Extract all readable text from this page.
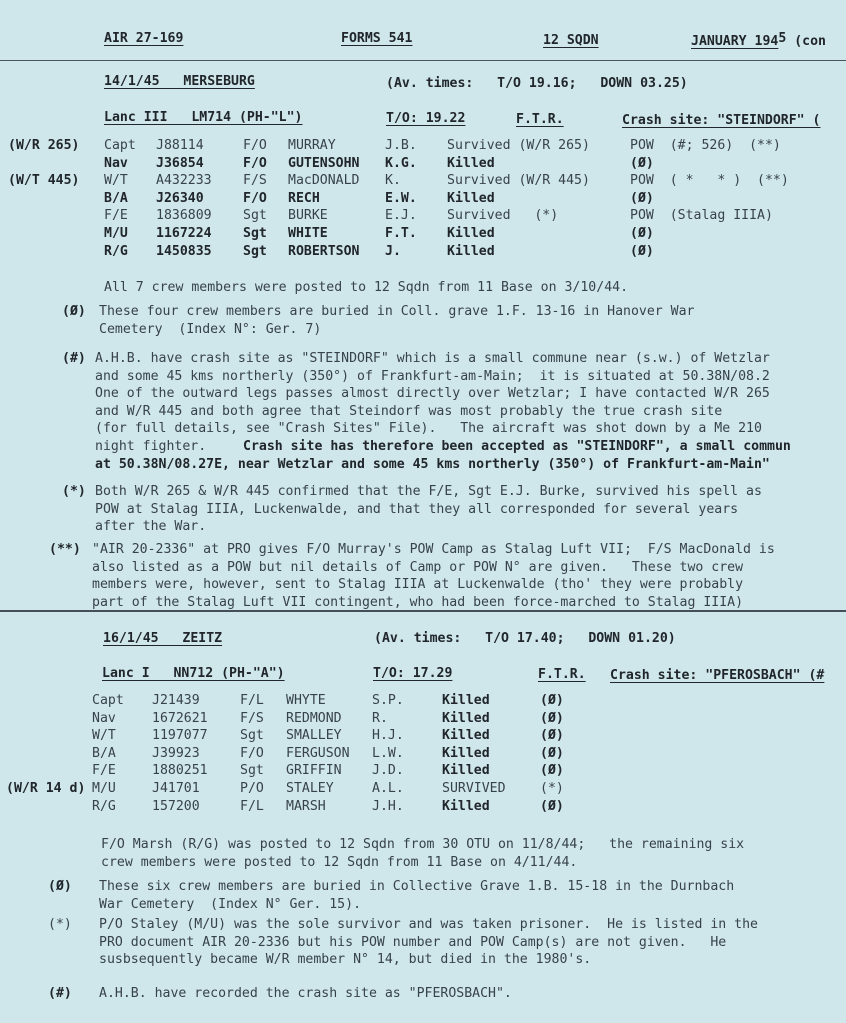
AIR 27-169	FORMS 541	12 SQDN	JANUARY 1945 (con
14/1/45   MERSEBURG	(Av. times:   T/O 19.16;   DOWN 03.25)
Lanc III   LM714 (PH-"L")	T/O: 19.22	F.T.R.	Crash site: "STEINDORF" (
(W/R 265) Capt J88114	F/O MURRAY	J.B. Survived (W/R 265)	POW  (#; 526)  (**)
Nav J36854	F/O GUTENSOHN K.G. Killed	(Ø)
(W/T 445) W/T A432233 F/S MacDONALD K.	Survived (W/R 445)	POW  ( *   * )  (**)
B/A J26340	F/O RECH	E.W. Killed	(Ø)
F/E 1836809 Sgt BURKE	E.J. Survived   (*)	POW  (Stalag IIIA)
M/U 1167224 Sgt WHITE	F.T. Killed	(Ø)
R/G 1450835 Sgt ROBERTSON J.	Killed	(Ø)
All 7 crew members were posted to 12 Sqdn from 11 Base on 3/10/44.
(Ø) These four crew members are buried in Coll. grave 1.F. 13-16 in Hanover War
Cemetery  (Index N°: Ger. 7)
(#) A.H.B. have crash site as "STEINDORF" which is a small commune near (s.w.) of Wetzlar
and some 45 kms northerly (350°) of Frankfurt-am-Main;  it is situated at 50.38N/08.2
One of the outward legs passes almost directly over Wetzlar; I have contacted W/R 265
and W/R 445 and both agree that Steindorf was most probably the true crash site
(for full details, see "Crash Sites" File).   The aircraft was shot down by a Me 210
night fighter.	Crash site has therefore been accepted as "STEINDORF", a small commun
at 50.38N/08.27E, near Wetzlar and some 45 kms northerly (350°) of Frankfurt-am-Main"
(*) Both W/R 265 & W/R 445 confirmed that the F/E, Sgt E.J. Burke, survived his spell as
POW at Stalag IIIA, Luckenwalde, and that they all corresponded for several years
after the War.
(**) "AIR 20-2336" at PRO gives F/O Murray's POW Camp as Stalag Luft VII;  F/S MacDonald is
also listed as a POW but nil details of Camp or POW N° are given.   These two crew
members were, however, sent to Stalag IIIA at Luckenwalde (tho' they were probably
part of the Stalag Luft VII contingent, who had been force-marched to Stalag IIIA)
16/1/45   ZEITZ	(Av. times:   T/O 17.40;   DOWN 01.20)
Lanc I   NN712 (PH-"A")	T/O: 17.29	F.T.R. Crash site: "PFEROSBACH" (#
Capt J21439	F/L WHYTE	S.P.	Killed	(Ø)
Nav	1672621 F/S REDMOND R.	Killed	(Ø)
W/T	1197077 Sgt SMALLEY H.J.	Killed	(Ø)
B/A	J39923	F/O FERGUSON L.W.	Killed	(Ø)
F/E	1880251 Sgt GRIFFIN J.D.	Killed	(Ø)
(W/R 14 d) M/U	J41701	P/O STALEY	A.L.	SURVIVED	(*)
R/G	157200	F/L MARSH	J.H.	Killed	(Ø)
F/O Marsh (R/G) was posted to 12 Sqdn from 30 OTU on 11/8/44;   the remaining six
crew members were posted to 12 Sqdn from 11 Base on 4/11/44.
(Ø) These six crew members are buried in Collective Grave 1.B. 15-18 in the Durnbach
War Cemetery  (Index N° Ger. 15).
(*) P/O Staley (M/U) was the sole survivor and was taken prisoner.  He is listed in the
PRO document AIR 20-2336 but his POW number and POW Camp(s) are not given.   He
susbsequently became W/R member N° 14, but died in the 1980's.
(#) A.H.B. have recorded the crash site as "PFEROSBACH".
